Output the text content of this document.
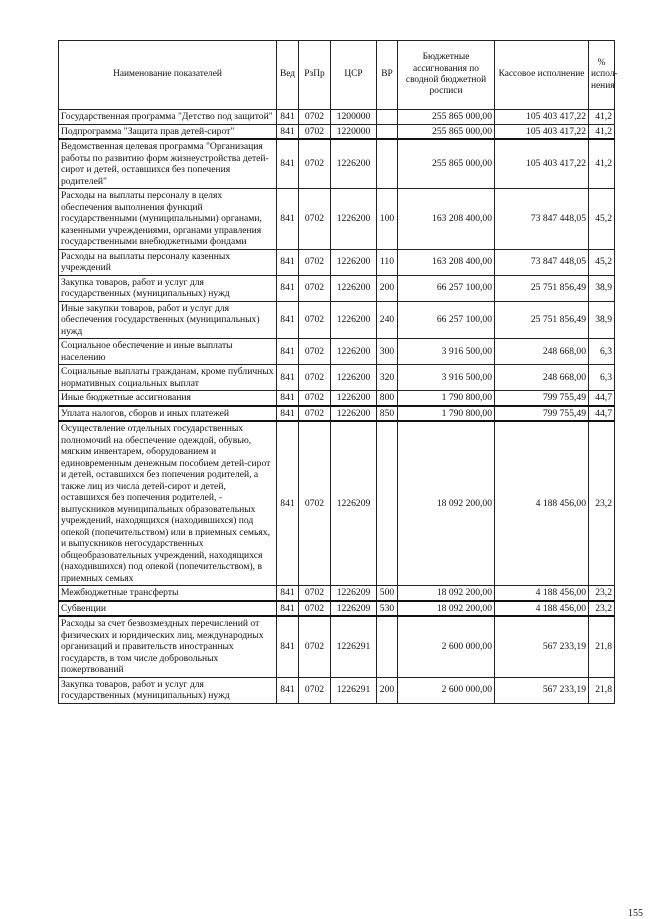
Наименование показателей	Вед	РзПр	ЦСР	ВР	Бюджетные ассигнования по сводной бюджетной росписи	Кассовое исполнение	% испол-нения
Государственная программа "Детство под защитой"	841	0702	1200000		255 865 000,00	105 403 417,22	41,2
Подпрограмма "Защита прав детей-сирот"	841	0702	1220000		255 865 000,00	105 403 417,22	41,2
Ведомственная целевая программа "Организация работы по развитию форм жизнеустройства детей-сирот и детей, оставшихся без попечения родителей"	841	0702	1226200		255 865 000,00	105 403 417,22	41,2
Расходы на выплаты персоналу в целях обеспечения выполнения функций государственными (муниципальными) органами, казенными учреждениями, органами управления государственными внебюджетными фондами	841	0702	1226200	100	163 208 400,00	73 847 448,05	45,2
Расходы на выплаты персоналу казенных учреждений	841	0702	1226200	110	163 208 400,00	73 847 448,05	45,2
Закупка товаров, работ и услуг для государственных (муниципальных) нужд	841	0702	1226200	200	66 257 100,00	25 751 856,49	38,9
Иные закупки товаров, работ и услуг для обеспечения государственных (муниципальных) нужд	841	0702	1226200	240	66 257 100,00	25 751 856,49	38,9
Социальное обеспечение и иные выплаты населению	841	0702	1226200	300	3 916 500,00	248 668,00	6,3
Социальные выплаты гражданам, кроме публичных нормативных социальных выплат	841	0702	1226200	320	3 916 500,00	248 668,00	6,3
Иные бюджетные ассигнования	841	0702	1226200	800	1 790 800,00	799 755,49	44,7
Уплата налогов, сборов и иных платежей	841	0702	1226200	850	1 790 800,00	799 755,49	44,7
Осуществление отдельных государственных полномочий на обеспечение одеждой, обувью, мягким инвентарем, оборудованием и единовременным денежным пособием детей-сирот и детей, оставшихся без попечения родителей, а также лиц из числа детей-сирот и детей, оставшихся без попечения родителей, - выпускников муниципальных образовательных учреждений, находящихся (находившихся) под опекой (попечительством) или в приемных семьях, и выпускников негосударственных общеобразовательных учреждений, находящихся (находившихся) под опекой (попечительством), в приемных семьях	841	0702	1226209		18 092 200,00	4 188 456,00	23,2
Межбюджетные трансферты	841	0702	1226209	500	18 092 200,00	4 188 456,00	23,2
Субвенции	841	0702	1226209	530	18 092 200,00	4 188 456,00	23,2
Расходы за счет безвозмездных перечислений от физических и юридических лиц, международных организаций и правительств иностранных государств, в том числе добровольных пожертвований	841	0702	1226291		2 600 000,00	567 233,19	21,8
Закупка товаров, работ и услуг для государственных (муниципальных) нужд	841	0702	1226291	200	2 600 000,00	567 233,19	21,8
155
